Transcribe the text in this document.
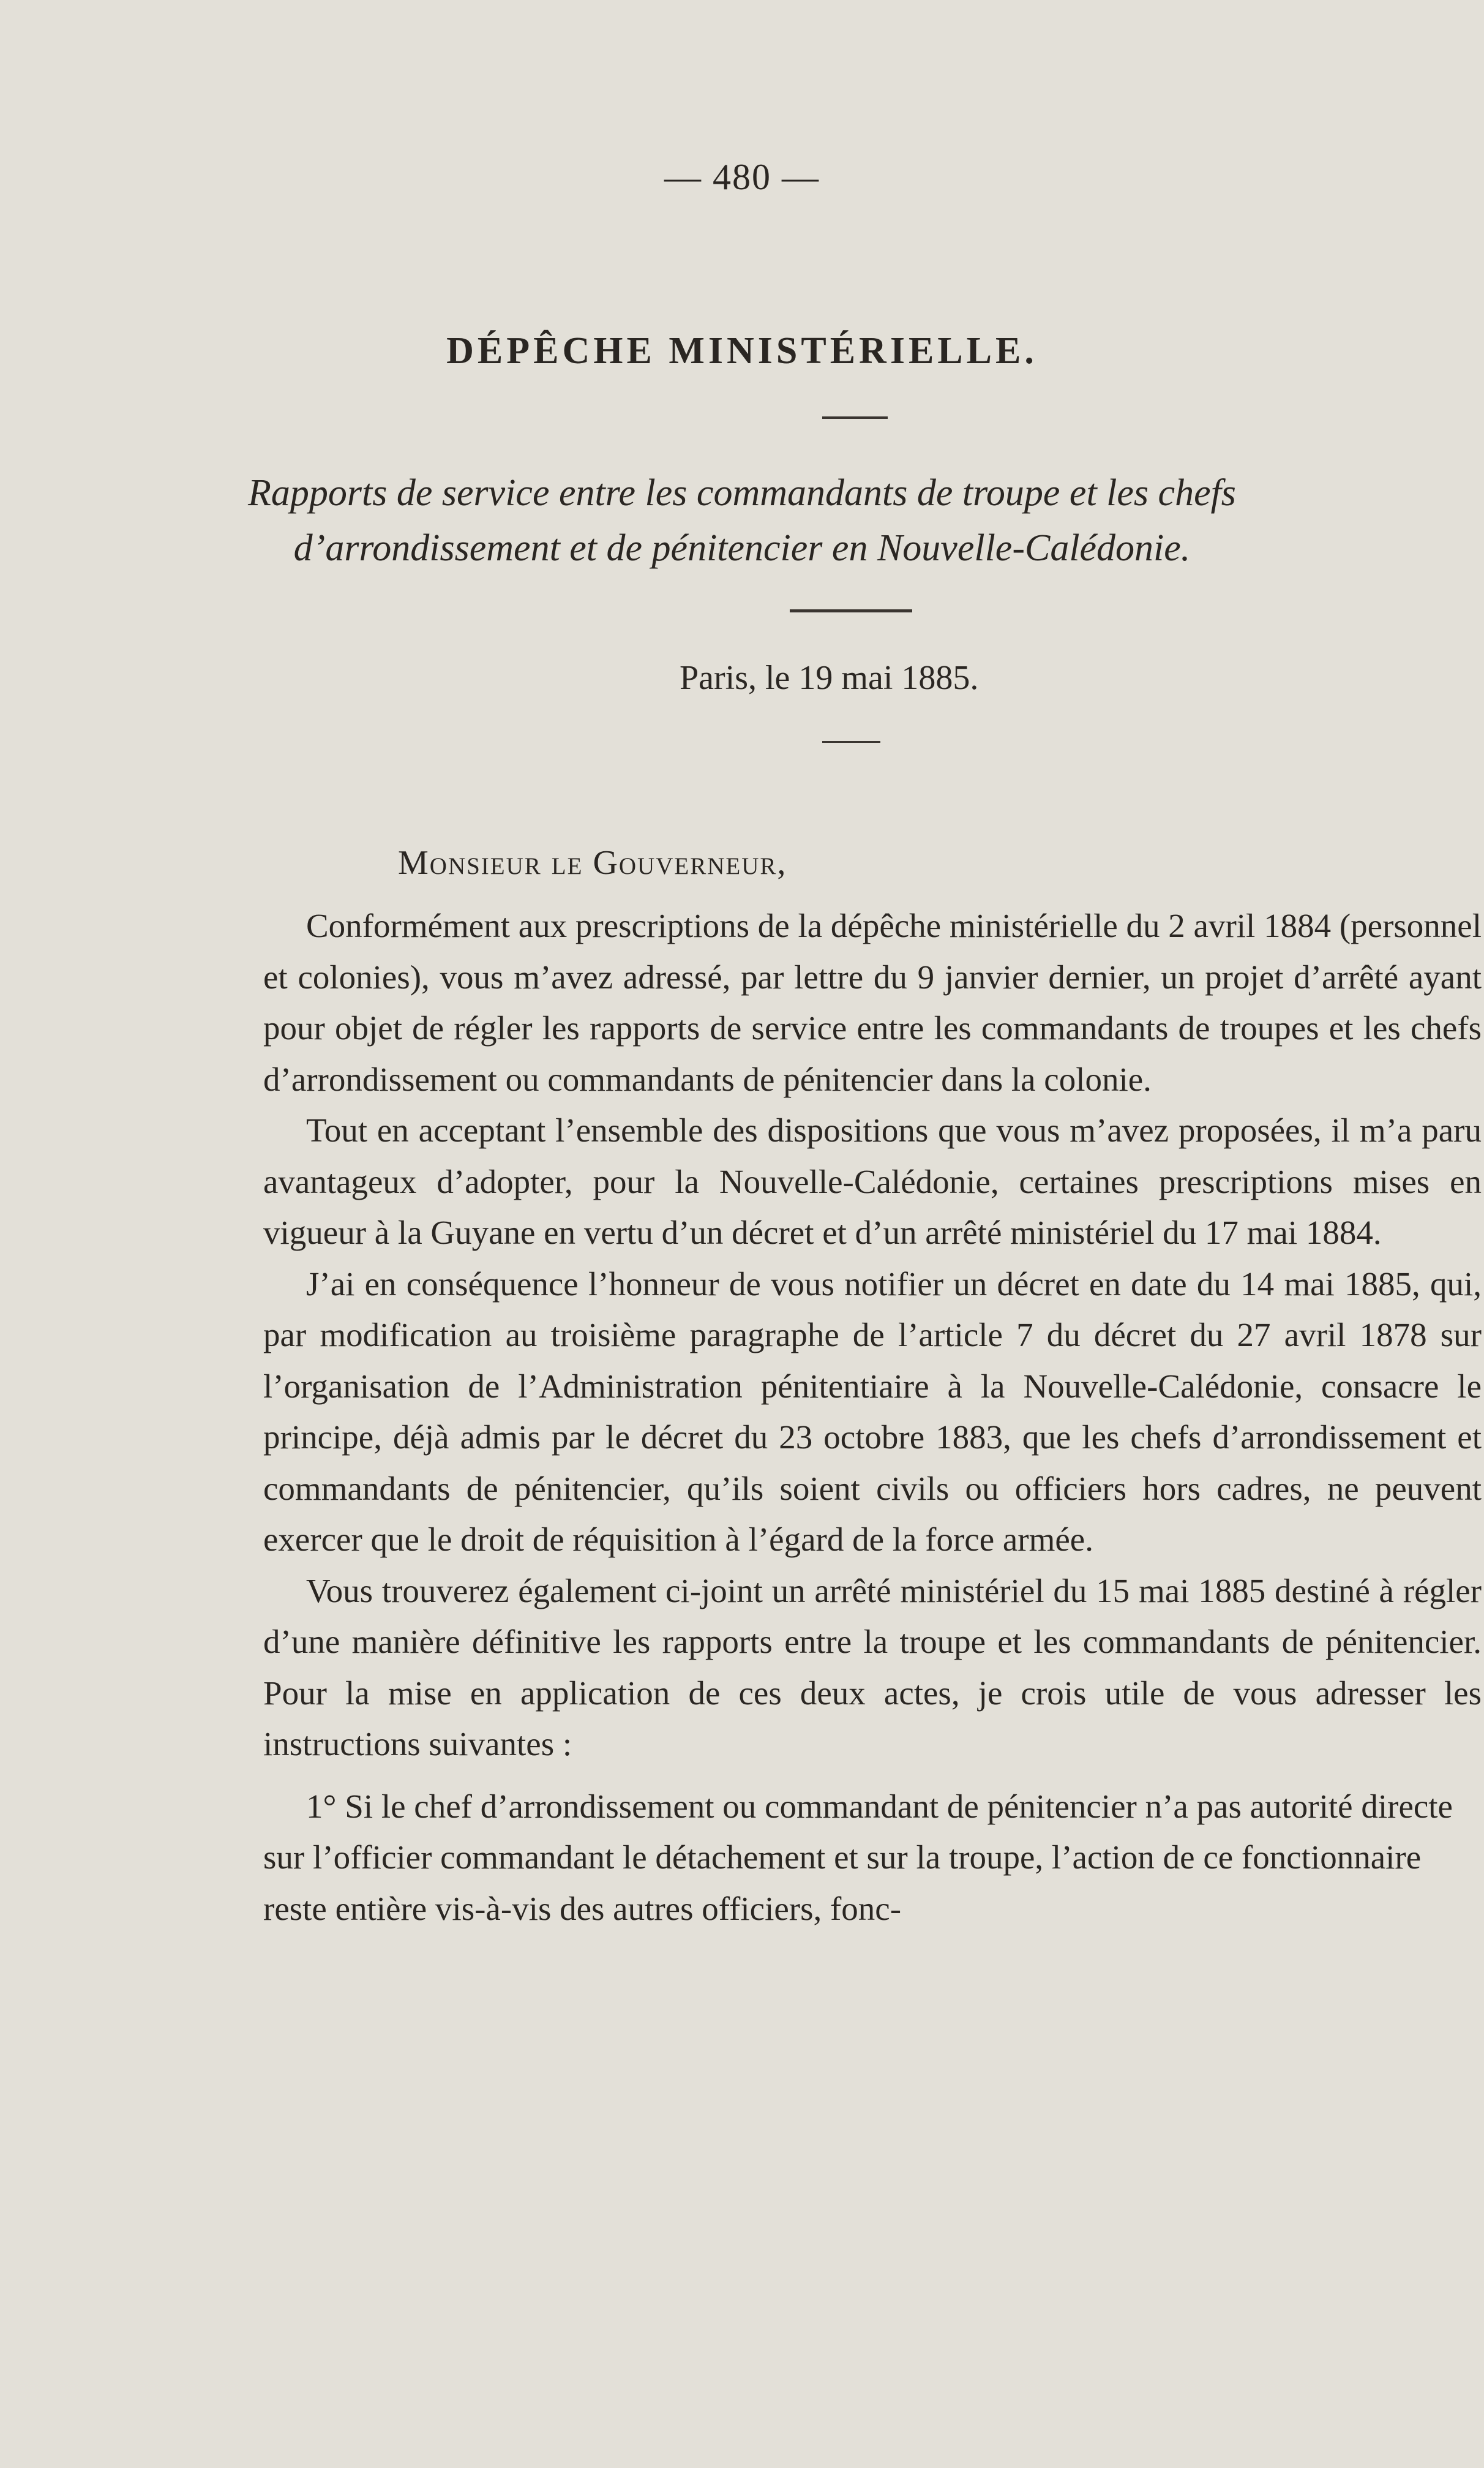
— 480 —
DÉPÊCHE MINISTÉRIELLE.
Rapports de service entre les commandants de troupe et les chefs d’arrondissement et de pénitencier en Nouvelle-Calédonie.
Paris, le 19 mai 1885.
Monsieur le Gouverneur,

Conformément aux prescriptions de la dépêche ministérielle du 2 avril 1884 (personnel et colonies), vous m’avez adressé, par lettre du 9 janvier dernier, un projet d’arrêté ayant pour objet de régler les rapports de service entre les commandants de troupes et les chefs d’arrondissement ou commandants de pénitencier dans la colonie.

Tout en acceptant l’ensemble des dispositions que vous m’avez proposées, il m’a paru avantageux d’adopter, pour la Nouvelle-Calédonie, certaines prescriptions mises en vigueur à la Guyane en vertu d’un décret et d’un arrêté ministériel du 17 mai 1884.

J’ai en conséquence l’honneur de vous notifier un décret en date du 14 mai 1885, qui, par modification au troisième paragraphe de l’article 7 du décret du 27 avril 1878 sur l’organisation de l’Administration pénitentiaire à la Nouvelle-Calédonie, consacre le principe, déjà admis par le décret du 23 octobre 1883, que les chefs d’arrondissement et commandants de pénitencier, qu’ils soient civils ou officiers hors cadres, ne peuvent exercer que le droit de réquisition à l’égard de la force armée.

Vous trouverez également ci-joint un arrêté ministériel du 15 mai 1885 destiné à régler d’une manière définitive les rapports entre la troupe et les commandants de pénitencier. Pour la mise en application de ces deux actes, je crois utile de vous adresser les instructions suivantes :

1° Si le chef d’arrondissement ou commandant de pénitencier n’a pas autorité directe sur l’officier commandant le détachement et sur la troupe, l’action de ce fonctionnaire reste entière vis-à-vis des autres officiers, fonc-
